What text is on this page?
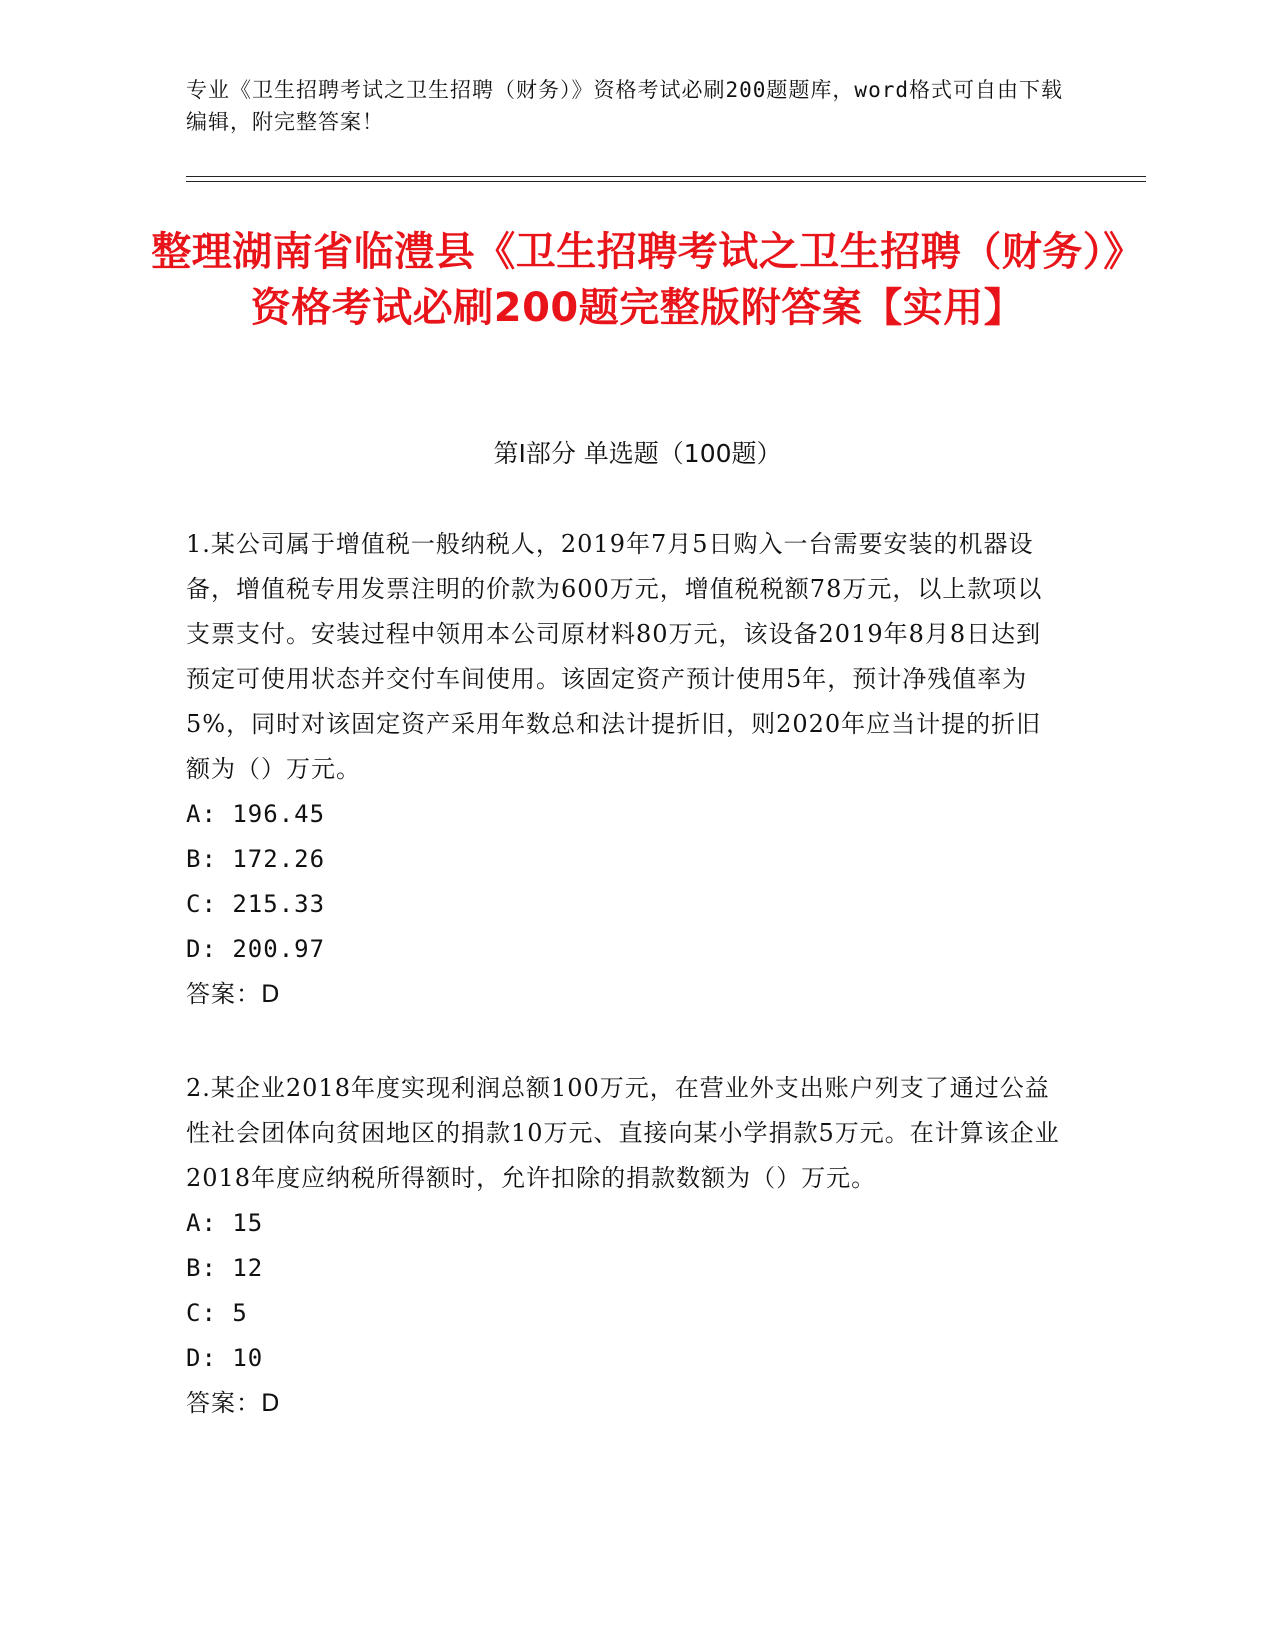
专业《卫生招聘考试之卫生招聘（财务）》资格考试必刷200题题库，word格式可自由下载编辑，附完整答案！
整理湖南省临澧县《卫生招聘考试之卫生招聘（财务）》资格考试必刷200题完整版附答案【实用】
第Ⅰ部分 单选题（100题）

1.某公司属于增值税一般纳税人，2019年7月5日购入一台需要安装的机器设备，增值税专用发票注明的价款为600万元，增值税税额78万元，以上款项以支票支付。安装过程中领用本公司原材料80万元，该设备2019年8月8日达到预定可使用状态并交付车间使用。该固定资产预计使用5年，预计净残值率为5%，同时对该固定资产采用年数总和法计提折旧，则2020年应当计提的折旧额为（）万元。

A: 196.45
B: 172.26
C: 215.33
D: 200.97
答案：D

2.某企业2018年度实现利润总额100万元，在营业外支出账户列支了通过公益性社会团体向贫困地区的捐款10万元、直接向某小学捐款5万元。在计算该企业2018年度应纳税所得额时，允许扣除的捐款数额为（）万元。

A: 15
B: 12
C: 5
D: 10
答案：D
